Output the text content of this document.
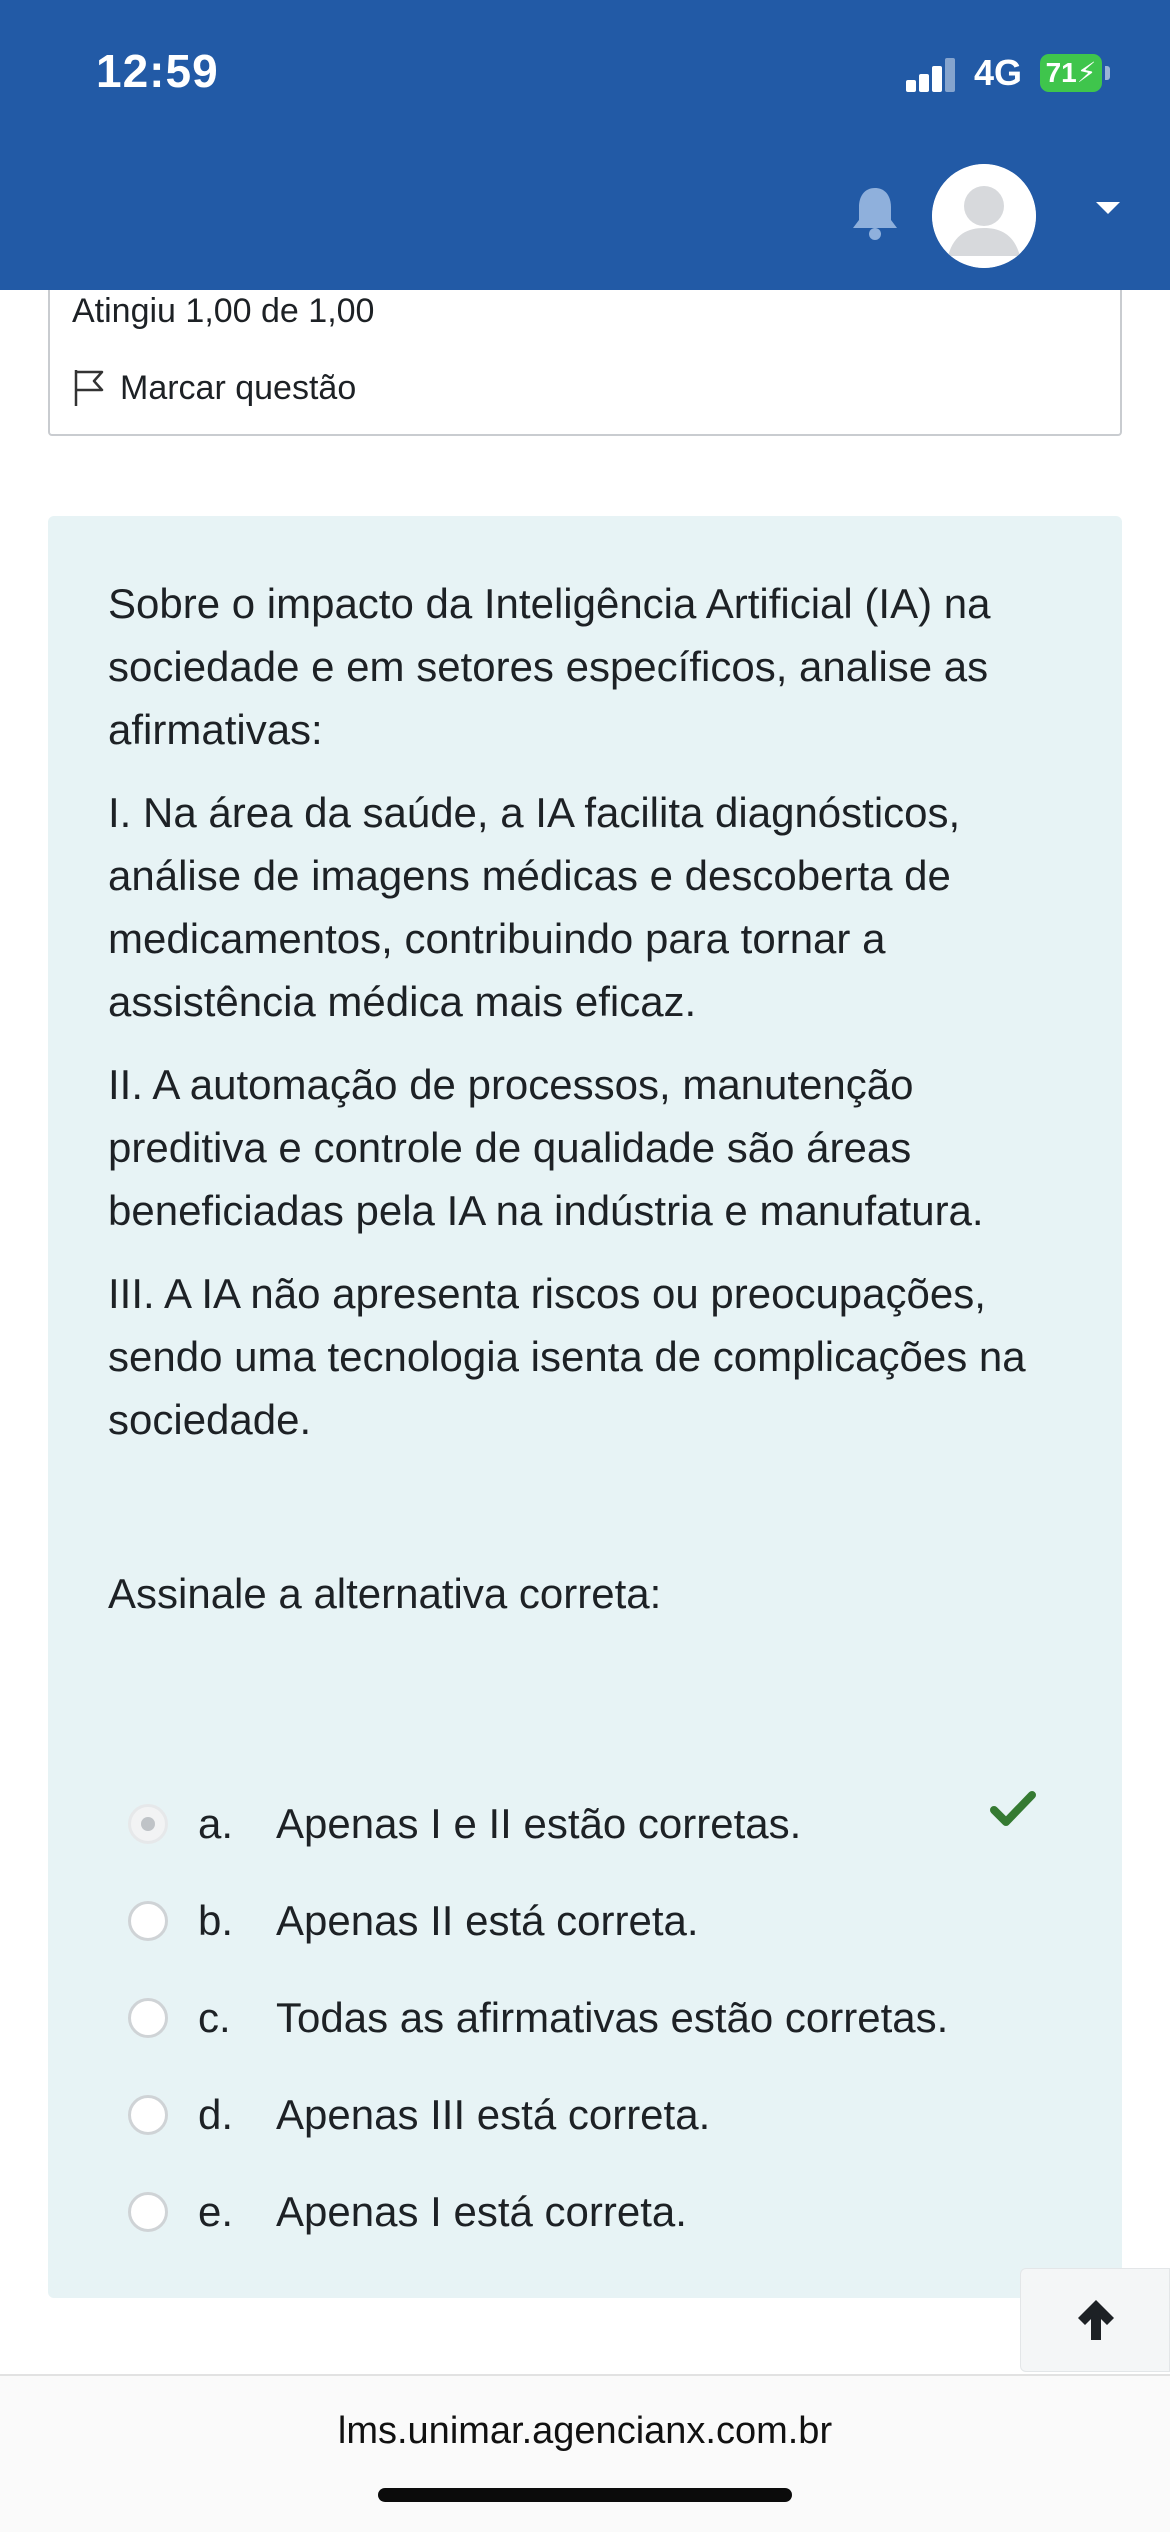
Atingiu 1,00 de 1,00
Marcar questão
12:59	4G 71⚡

Sobre o impacto da Inteligência Artificial (IA) na sociedade e em setores específicos, analise as afirmativas:

I. Na área da saúde, a IA facilita diagnósticos, análise de imagens médicas e descoberta de medicamentos, contribuindo para tornar a assistência médica mais eficaz.

II. A automação de processos, manutenção preditiva e controle de qualidade são áreas beneficiadas pela IA na indústria e manufatura.

III. A IA não apresenta riscos ou preocupações, sendo uma tecnologia isenta de complicações na sociedade.

Assinale a alternativa correta:
a.	Apenas I e II estão corretas.
b.	Apenas II está correta.
c.	Todas as afirmativas estão corretas.
d.	Apenas III está correta.
e.	Apenas I está correta.
lms.unimar.agencianx.com.br
